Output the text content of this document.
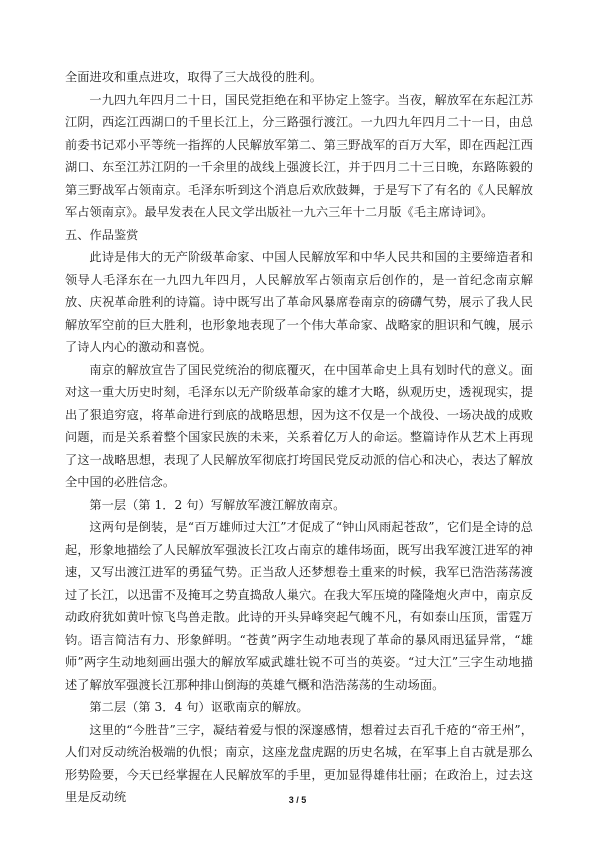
全面进攻和重点进攻，取得了三大战役的胜利。

一九四九年四月二十日，国民党拒绝在和平协定上签字。当夜，解放军在东起江苏江阴，西迄江西湖口的千里长江上，分三路强行渡江。一九四九年四月二十一日，由总前委书记邓小平等统一指挥的人民解放军第二、第三野战军的百万大军，即在西起江西湖口、东至江苏江阴的一千余里的战线上强渡长江，并于四月二十三日晚，东路陈毅的第三野战军占领南京。毛泽东听到这个消息后欢欣鼓舞，于是写下了有名的《人民解放军占领南京》。最早发表在人民文学出版社一九六三年十二月版《毛主席诗词》。

五、作品鉴赏

此诗是伟大的无产阶级革命家、中国人民解放军和中华人民共和国的主要缔造者和领导人毛泽东在一九四九年四月，人民解放军占领南京后创作的，是一首纪念南京解放、庆祝革命胜利的诗篇。诗中既写出了革命风暴席卷南京的磅礴气势，展示了我人民解放军空前的巨大胜利，也形象地表现了一个伟大革命家、战略家的胆识和气魄，展示了诗人内心的激动和喜悦。

南京的解放宣告了国民党统治的彻底覆灭，在中国革命史上具有划时代的意义。面对这一重大历史时刻，毛泽东以无产阶级革命家的雄才大略，纵观历史，透视现实，提出了狠追穷寇，将革命进行到底的战略思想，因为这不仅是一个战役、一场决战的成败问题，而是关系着整个国家民族的未来，关系着亿万人的命运。整篇诗作从艺术上再现了这一战略思想，表现了人民解放军彻底打垮国民党反动派的信心和决心，表达了解放全中国的必胜信念。

第一层（第 1．2 句）写解放军渡江解放南京。

这两句是倒装，是“百万雄师过大江”才促成了“钟山风雨起苍敌”，它们是全诗的总起，形象地描绘了人民解放军强波长江攻占南京的雄伟场面，既写出我军渡江进军的神速，又写出渡江进军的勇猛气势。正当敌人还梦想卷土重来的时候，我军已浩浩荡荡渡过了长江，以迅雷不及掩耳之势直捣敌人巢穴。在我大军压境的隆隆炮火声中，南京反动政府犹如黄叶惊飞鸟兽走散。此诗的开头异峰突起气魄不凡，有如泰山压顶，雷霆万钧。语言简洁有力、形象鲜明。“苍黄”两字生动地表现了革命的暴风雨迅猛异常，“雄师”两字生动地刻画出强大的解放军威武雄壮锐不可当的英姿。“过大江”三字生动地描述了解放军强渡长江那种排山倒海的英雄气概和浩浩荡荡的生动场面。

第二层（第 3．4 句）讴歌南京的解放。

这里的“今胜昔”三字，凝结着爱与恨的深邃感情，想着过去百孔千疮的“帝王州”，人们对反动统治极端的仇恨；南京，这座龙盘虎踞的历史名城，在军事上自古就是那么形势险要，今天已经掌握在人民解放军的手里，更加显得雄伟壮丽；在政治上，过去这里是反动统	3 / 5
